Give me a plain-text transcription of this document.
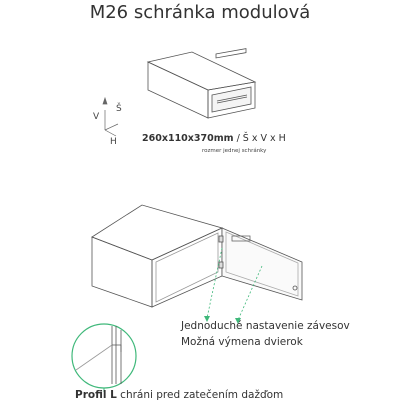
M26 schránka modulová
Š
V
H	260x110x370mm / Š x V x H
rozmer jednej schránky
Jednoduché nastavenie závesov
Možná výmena dvierok
Profil L chráni pred zatečením dažďom
